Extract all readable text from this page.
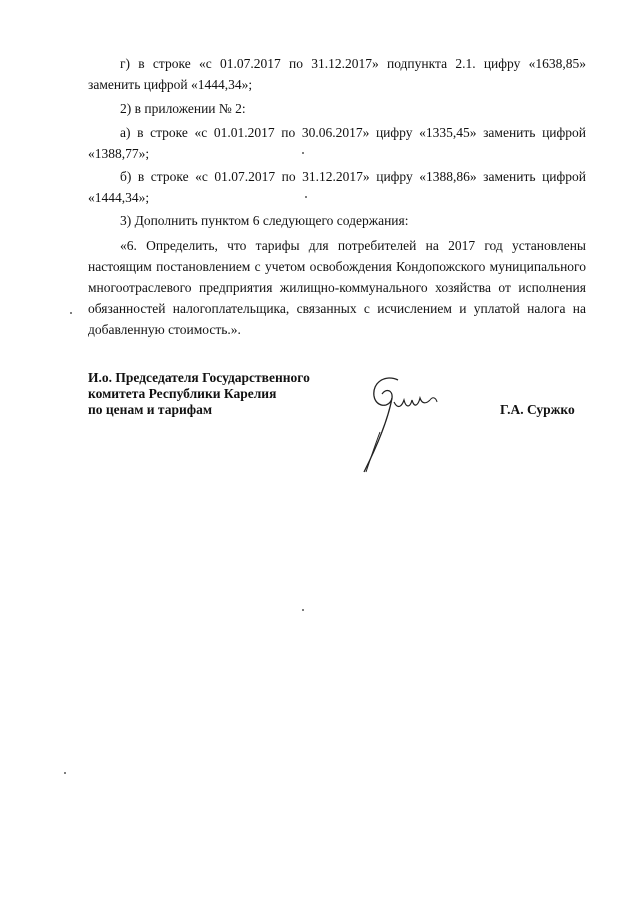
г) в строке «с 01.07.2017 по 31.12.2017» подпункта 2.1. цифру «1638,85» заменить цифрой «1444,34»;
2) в приложении № 2:
а) в строке «с 01.01.2017 по 30.06.2017» цифру «1335,45» заменить цифрой «1388,77»;
б) в строке «с 01.07.2017 по 31.12.2017» цифру «1388,86» заменить цифрой «1444,34»;
3) Дополнить пунктом 6 следующего содержания:
«6. Определить, что тарифы для потребителей на 2017 год установлены настоящим постановлением с учетом освобождения Кондопожского муниципального многоотраслевого предприятия жилищно-коммунального хозяйства от исполнения обязанностей налогоплательщика, связанных с исчислением и уплатой налога на добавленную стоимость.».
И.о. Председателя Государственного
комитета Республики Карелия
по ценам и тарифам	Г.А. Суржко
